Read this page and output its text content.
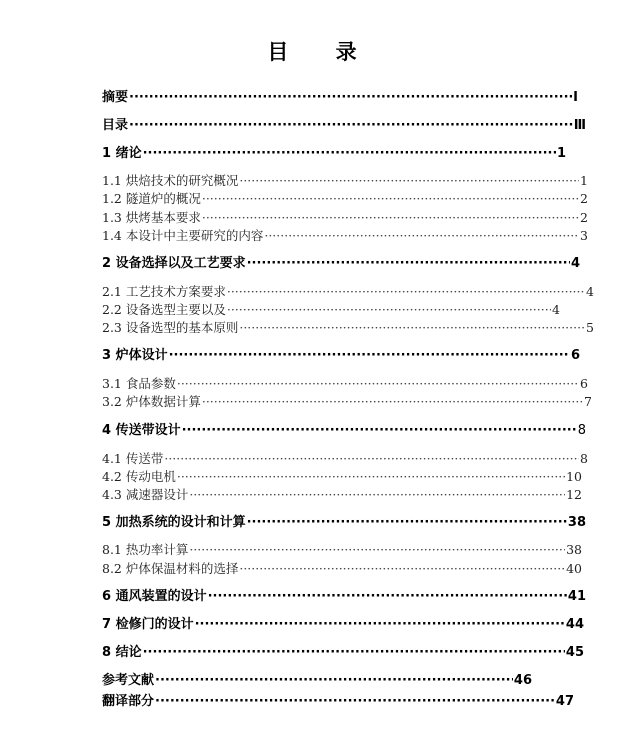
目 录
摘要 ·····	I
目录 ·····	Ⅲ
1 绪论 ·····	1
1.1 烘焙技术的研究概况 ·····	1
1.2 隧道炉的概况 ·····	2
1.3 烘烤基本要求 ·····	2
1.4 本设计中主要研究的内容 ·····	3
2 设备选择以及工艺要求 ·····	4
2.1 工艺技术方案要求 ·····	4
2.2 设备选型主要以及 ·····	4
2.3 设备选型的基本原则 ·····	5
3 炉体设计 ·····	6
3.1 食品参数 ·····	6
3.2 炉体数据计算 ·····	7
4 传送带设计 ·····	8
4.1 传送带 ·····	8
4.2 传动电机 ·····	10
4.3 减速器设计 ·····	12
5 加热系统的设计和计算 ·····	38
8.1 热功率计算 ·····	38
8.2 炉体保温材料的选择 ·····	40
6 通风装置的设计 ·····	41
7 检修门的设计 ·····	44
8 结论 ·····	45
参考文献 ·····	46
翻译部分 ·····	47
